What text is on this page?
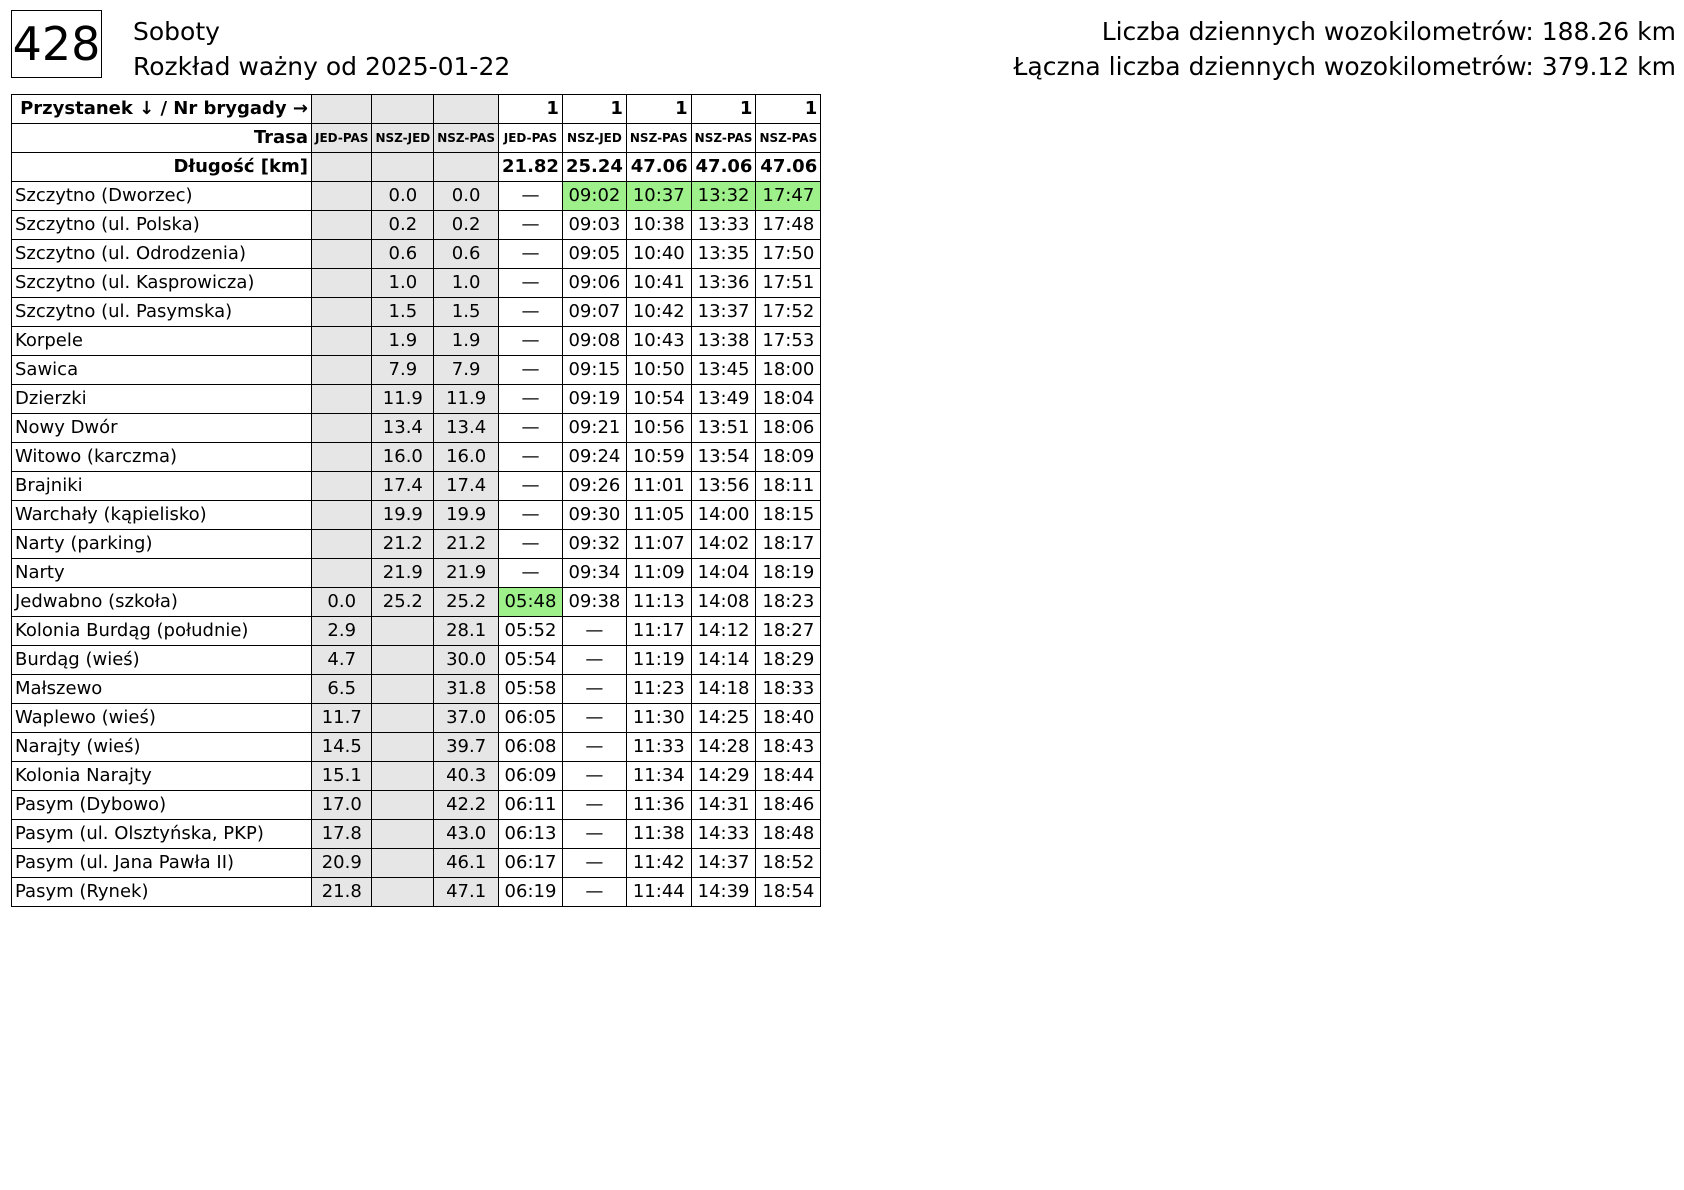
428 Soboty
Rozkład ważny od 2025-01-22
Liczba dziennych wozokilometrów: 188.26 km
Łączna liczba dziennych wozokilometrów: 379.12 km
Przystanek ↓ / Nr brygady →				1	1	1	1	1
Trasa	JED-PAS	NSZ-JED	NSZ-PAS	JED-PAS	NSZ-JED	NSZ-PAS	NSZ-PAS	NSZ-PAS
Długość [km]				21.82	25.24	47.06	47.06	47.06
Szczytno (Dworzec)		0.0	0.0	—	09:02	10:37	13:32	17:47
Szczytno (ul. Polska)		0.2	0.2	—	09:03	10:38	13:33	17:48
Szczytno (ul. Odrodzenia)		0.6	0.6	—	09:05	10:40	13:35	17:50
Szczytno (ul. Kasprowicza)		1.0	1.0	—	09:06	10:41	13:36	17:51
Szczytno (ul. Pasymska)		1.5	1.5	—	09:07	10:42	13:37	17:52
Korpele		1.9	1.9	—	09:08	10:43	13:38	17:53
Sawica		7.9	7.9	—	09:15	10:50	13:45	18:00
Dzierzki		11.9	11.9	—	09:19	10:54	13:49	18:04
Nowy Dwór		13.4	13.4	—	09:21	10:56	13:51	18:06
Witowo (karczma)		16.0	16.0	—	09:24	10:59	13:54	18:09
Brajniki		17.4	17.4	—	09:26	11:01	13:56	18:11
Warchały (kąpielisko)		19.9	19.9	—	09:30	11:05	14:00	18:15
Narty (parking)		21.2	21.2	—	09:32	11:07	14:02	18:17
Narty		21.9	21.9	—	09:34	11:09	14:04	18:19
Jedwabno (szkoła)	0.0	25.2	25.2	05:48	09:38	11:13	14:08	18:23
Kolonia Burdąg (południe)	2.9		28.1	05:52	—	11:17	14:12	18:27
Burdąg (wieś)	4.7		30.0	05:54	—	11:19	14:14	18:29
Małszewo	6.5		31.8	05:58	—	11:23	14:18	18:33
Waplewo (wieś)	11.7		37.0	06:05	—	11:30	14:25	18:40
Narajty (wieś)	14.5		39.7	06:08	—	11:33	14:28	18:43
Kolonia Narajty	15.1		40.3	06:09	—	11:34	14:29	18:44
Pasym (Dybowo)	17.0		42.2	06:11	—	11:36	14:31	18:46
Pasym (ul. Olsztyńska, PKP)	17.8		43.0	06:13	—	11:38	14:33	18:48
Pasym (ul. Jana Pawła II)	20.9		46.1	06:17	—	11:42	14:37	18:52
Pasym (Rynek)	21.8		47.1	06:19	—	11:44	14:39	18:54
